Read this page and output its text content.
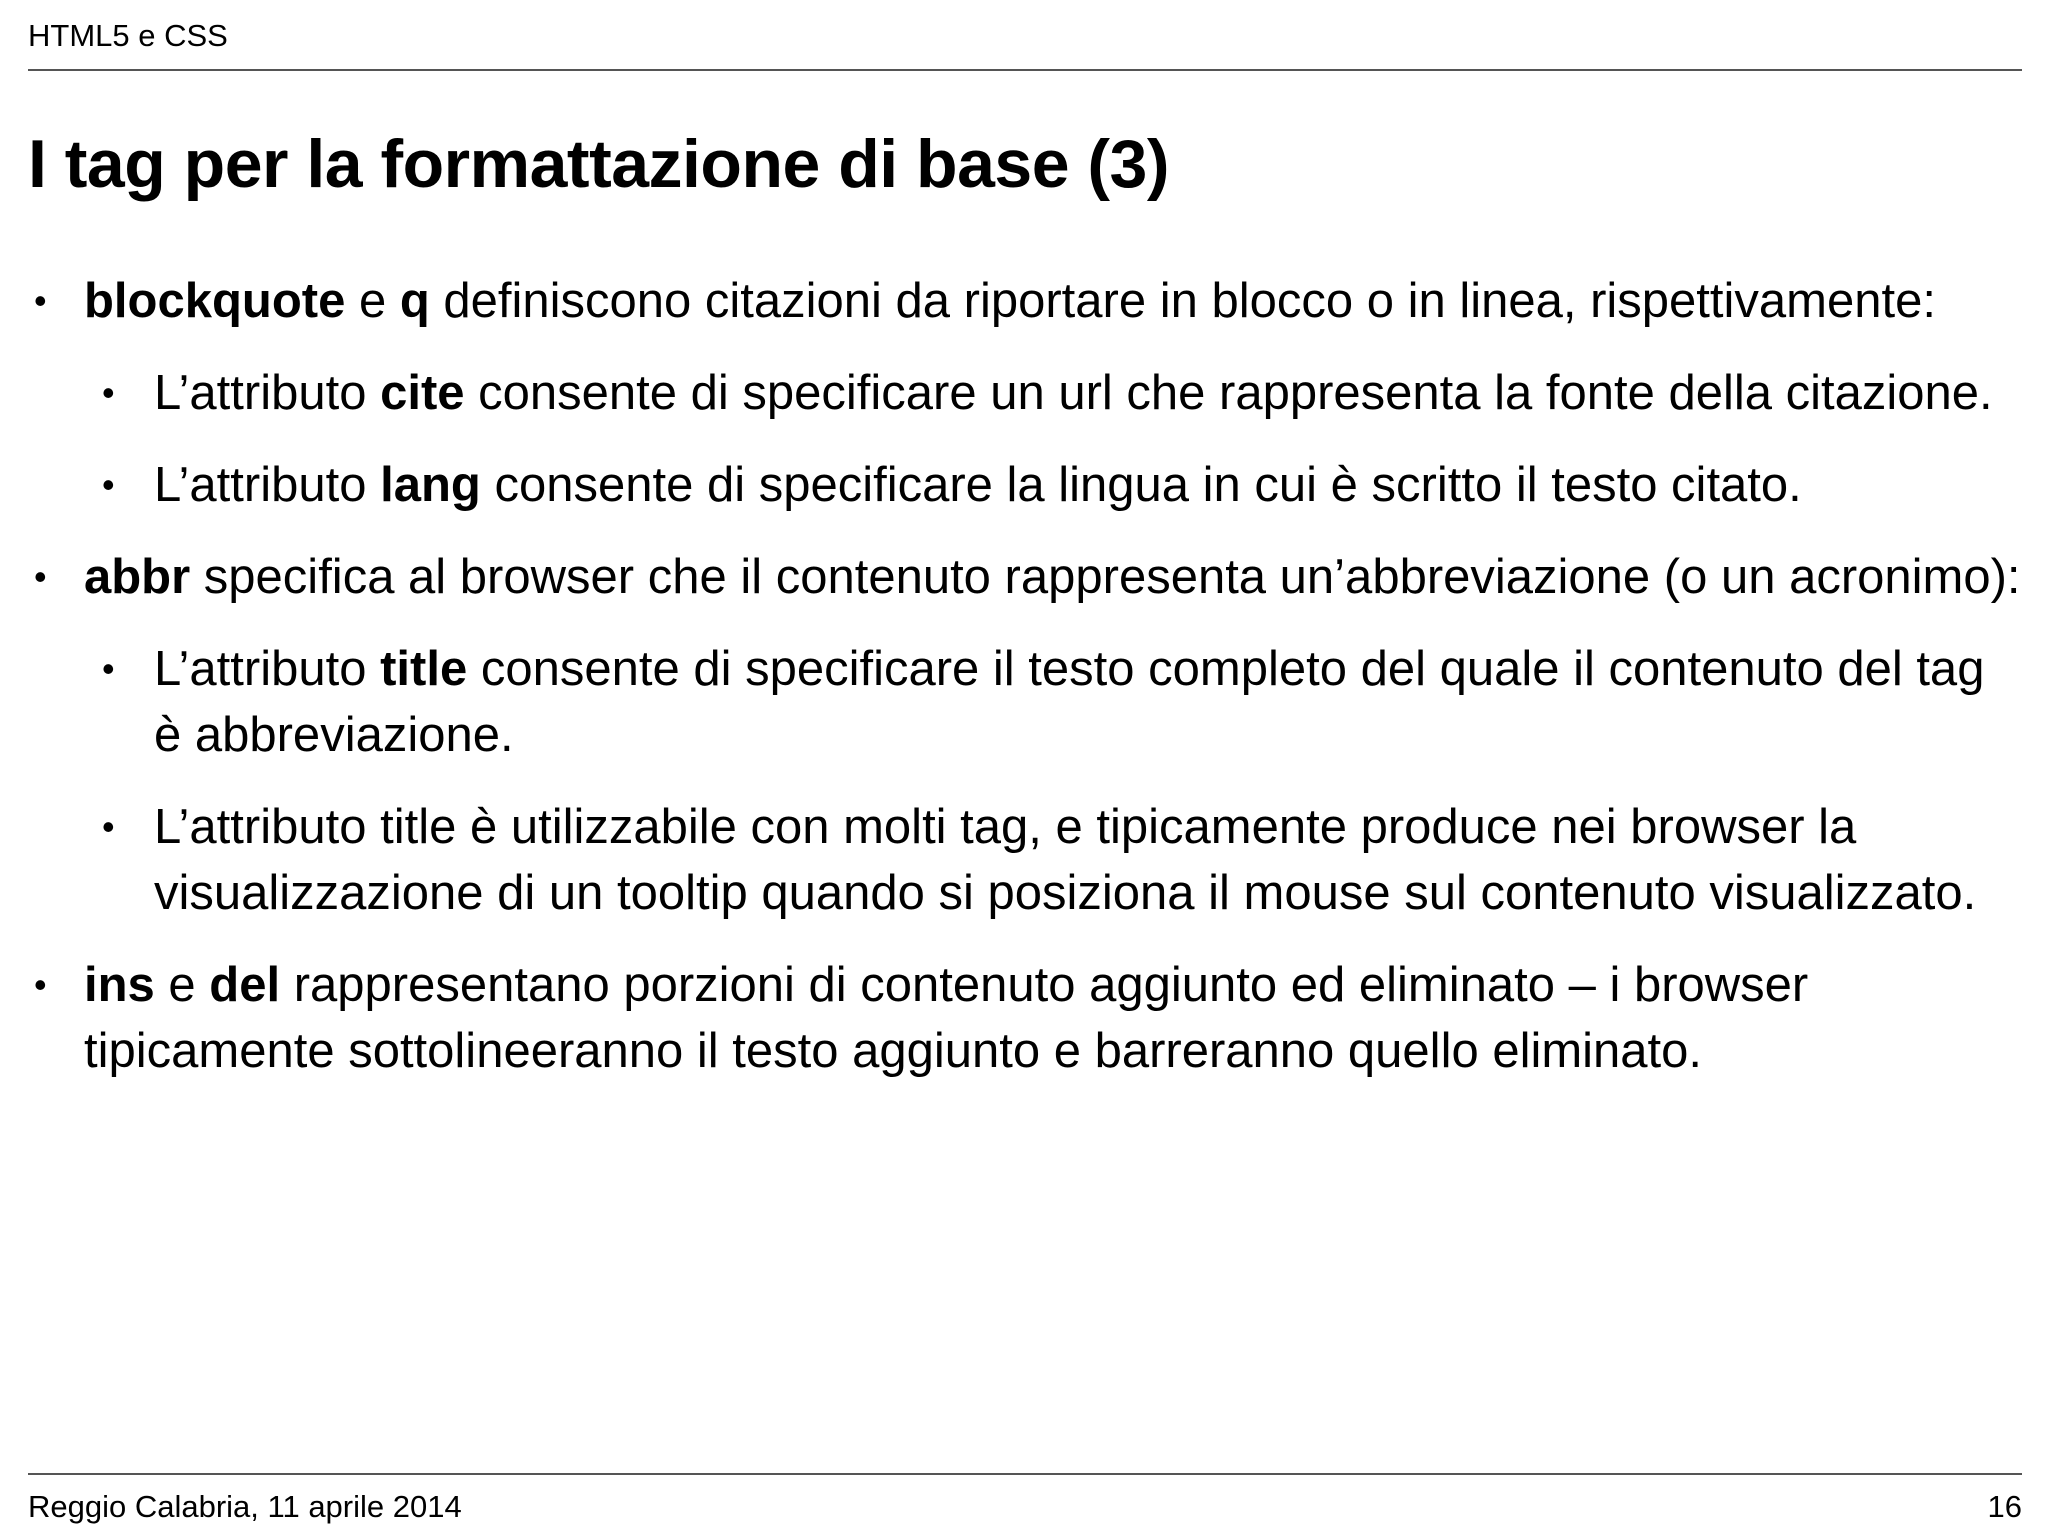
HTML5 e CSS
I tag per la formattazione di base (3)
• blockquote e q definiscono citazioni da riportare in blocco o in linea, rispettivamente:
• L’attributo cite consente di specificare un url che rappresenta la fonte della citazione.
• L’attributo lang consente di specificare la lingua in cui è scritto il testo citato.
• abbr specifica al browser che il contenuto rappresenta un’abbreviazione (o un acronimo):
• L’attributo title consente di specificare il testo completo del quale il contenuto del tag è abbreviazione.
• L’attributo title è utilizzabile con molti tag, e tipicamente produce nei browser la visualizzazione di un tooltip quando si posiziona il mouse sul contenuto visualizzato.
• ins e del rappresentano porzioni di contenuto aggiunto ed eliminato – i browser tipicamente sottolineeranno il testo aggiunto e barreranno quello eliminato.
Reggio Calabria, 11 aprile 2014	16
